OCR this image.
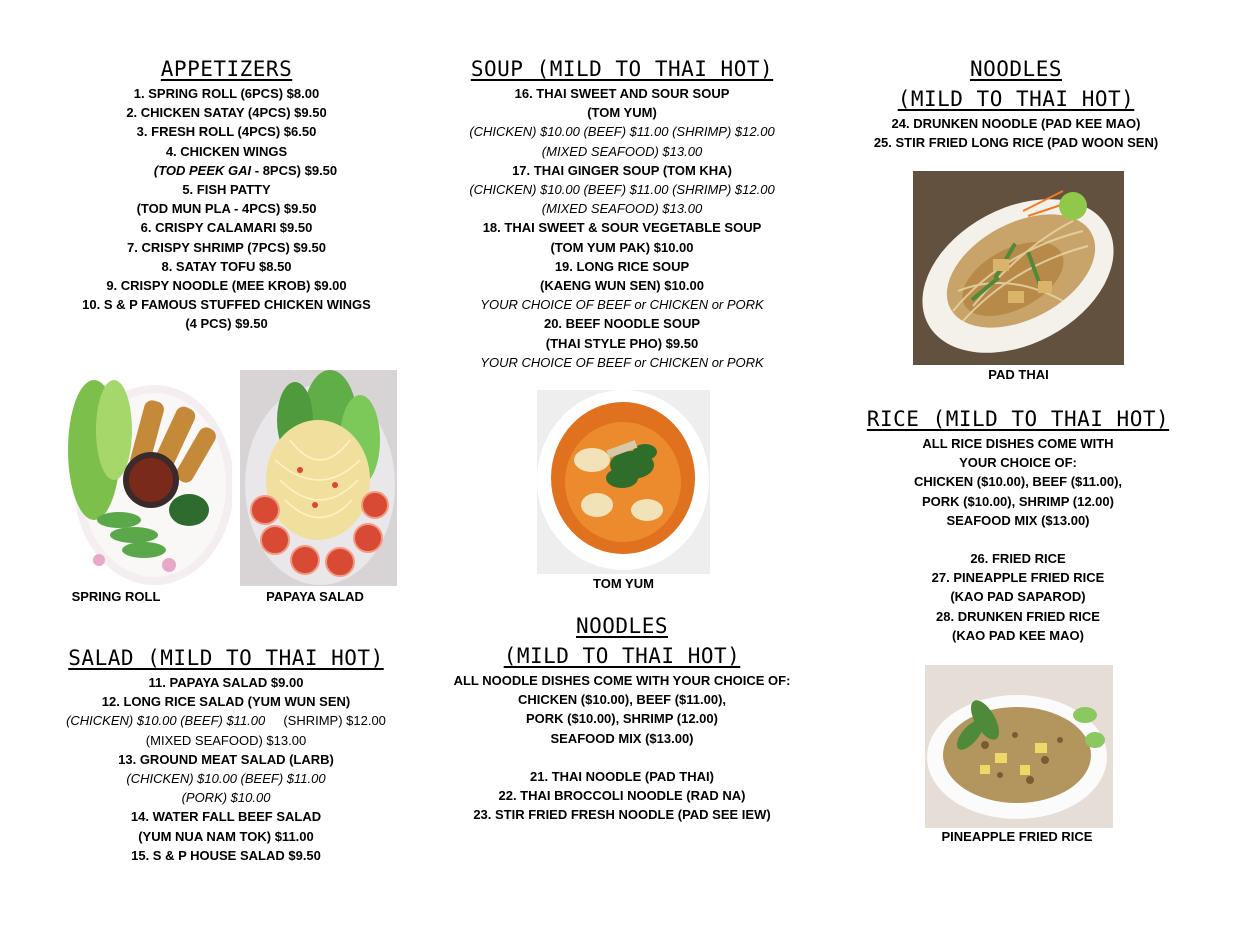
APPETIZERS
1. SPRING ROLL (6PCS) $8.00
2. CHICKEN SATAY (4PCS) $9.50
3. FRESH ROLL (4PCS) $6.50
4. CHICKEN WINGS
(TOD PEEK GAI - 8PCS) $9.50
5. FISH PATTY
(TOD MUN PLA - 4PCS) $9.50
6. CRISPY CALAMARI $9.50
7. CRISPY SHRIMP (7PCS) $9.50
8. SATAY TOFU $8.50
9. CRISPY NOODLE (MEE KROB) $9.00
10. S & P FAMOUS STUFFED CHICKEN WINGS
(4 PCS) $9.50
SOUP (MILD TO THAI HOT)
16. THAI SWEET AND SOUR SOUP
(TOM YUM)
(CHICKEN) $10.00 (BEEF) $11.00 (SHRIMP) $12.00
(MIXED SEAFOOD) $13.00
17. THAI GINGER SOUP (TOM KHA)
(CHICKEN) $10.00 (BEEF) $11.00 (SHRIMP) $12.00
(MIXED SEAFOOD) $13.00
18. THAI SWEET & SOUR VEGETABLE SOUP
(TOM YUM PAK) $10.00
19. LONG RICE SOUP
(KAENG WUN SEN) $10.00
YOUR CHOICE OF BEEF or CHICKEN or PORK
20. BEEF NOODLE SOUP
(THAI STYLE PHO) $9.50
YOUR CHOICE OF BEEF or CHICKEN or PORK
NOODLES
(MILD TO THAI HOT)
24. DRUNKEN NOODLE (PAD KEE MAO)
25. STIR FRIED LONG RICE (PAD WOON SEN)
PAD THAI
RICE (MILD TO THAI HOT)
ALL RICE DISHES COME WITH
YOUR CHOICE OF:
CHICKEN ($10.00), BEEF ($11.00),
PORK ($10.00), SHRIMP (12.00)
SEAFOOD MIX ($13.00)
26. FRIED RICE
27. PINEAPPLE FRIED RICE
(KAO PAD SAPAROD)
28. DRUNKEN FRIED RICE
(KAO PAD KEE MAO)
PINEAPPLE FRIED RICE
SPRING ROLL	PAPAYA SALAD
TOM YUM
SALAD (MILD TO THAI HOT)
11. PAPAYA SALAD $9.00
12. LONG RICE SALAD (YUM WUN SEN)
(CHICKEN) $10.00 (BEEF) $11.00 (SHRIMP) $12.00
(MIXED SEAFOOD) $13.00
13. GROUND MEAT SALAD (LARB)
(CHICKEN) $10.00 (BEEF) $11.00
(PORK) $10.00
14. WATER FALL BEEF SALAD
(YUM NUA NAM TOK) $11.00
15. S & P HOUSE SALAD $9.50
NOODLES
(MILD TO THAI HOT)
ALL NOODLE DISHES COME WITH YOUR CHOICE OF:
CHICKEN ($10.00), BEEF ($11.00),
PORK ($10.00), SHRIMP (12.00)
SEAFOOD MIX ($13.00)
21. THAI NOODLE (PAD THAI)
22. THAI BROCCOLI NOODLE (RAD NA)
23. STIR FRIED FRESH NOODLE (PAD SEE IEW)
